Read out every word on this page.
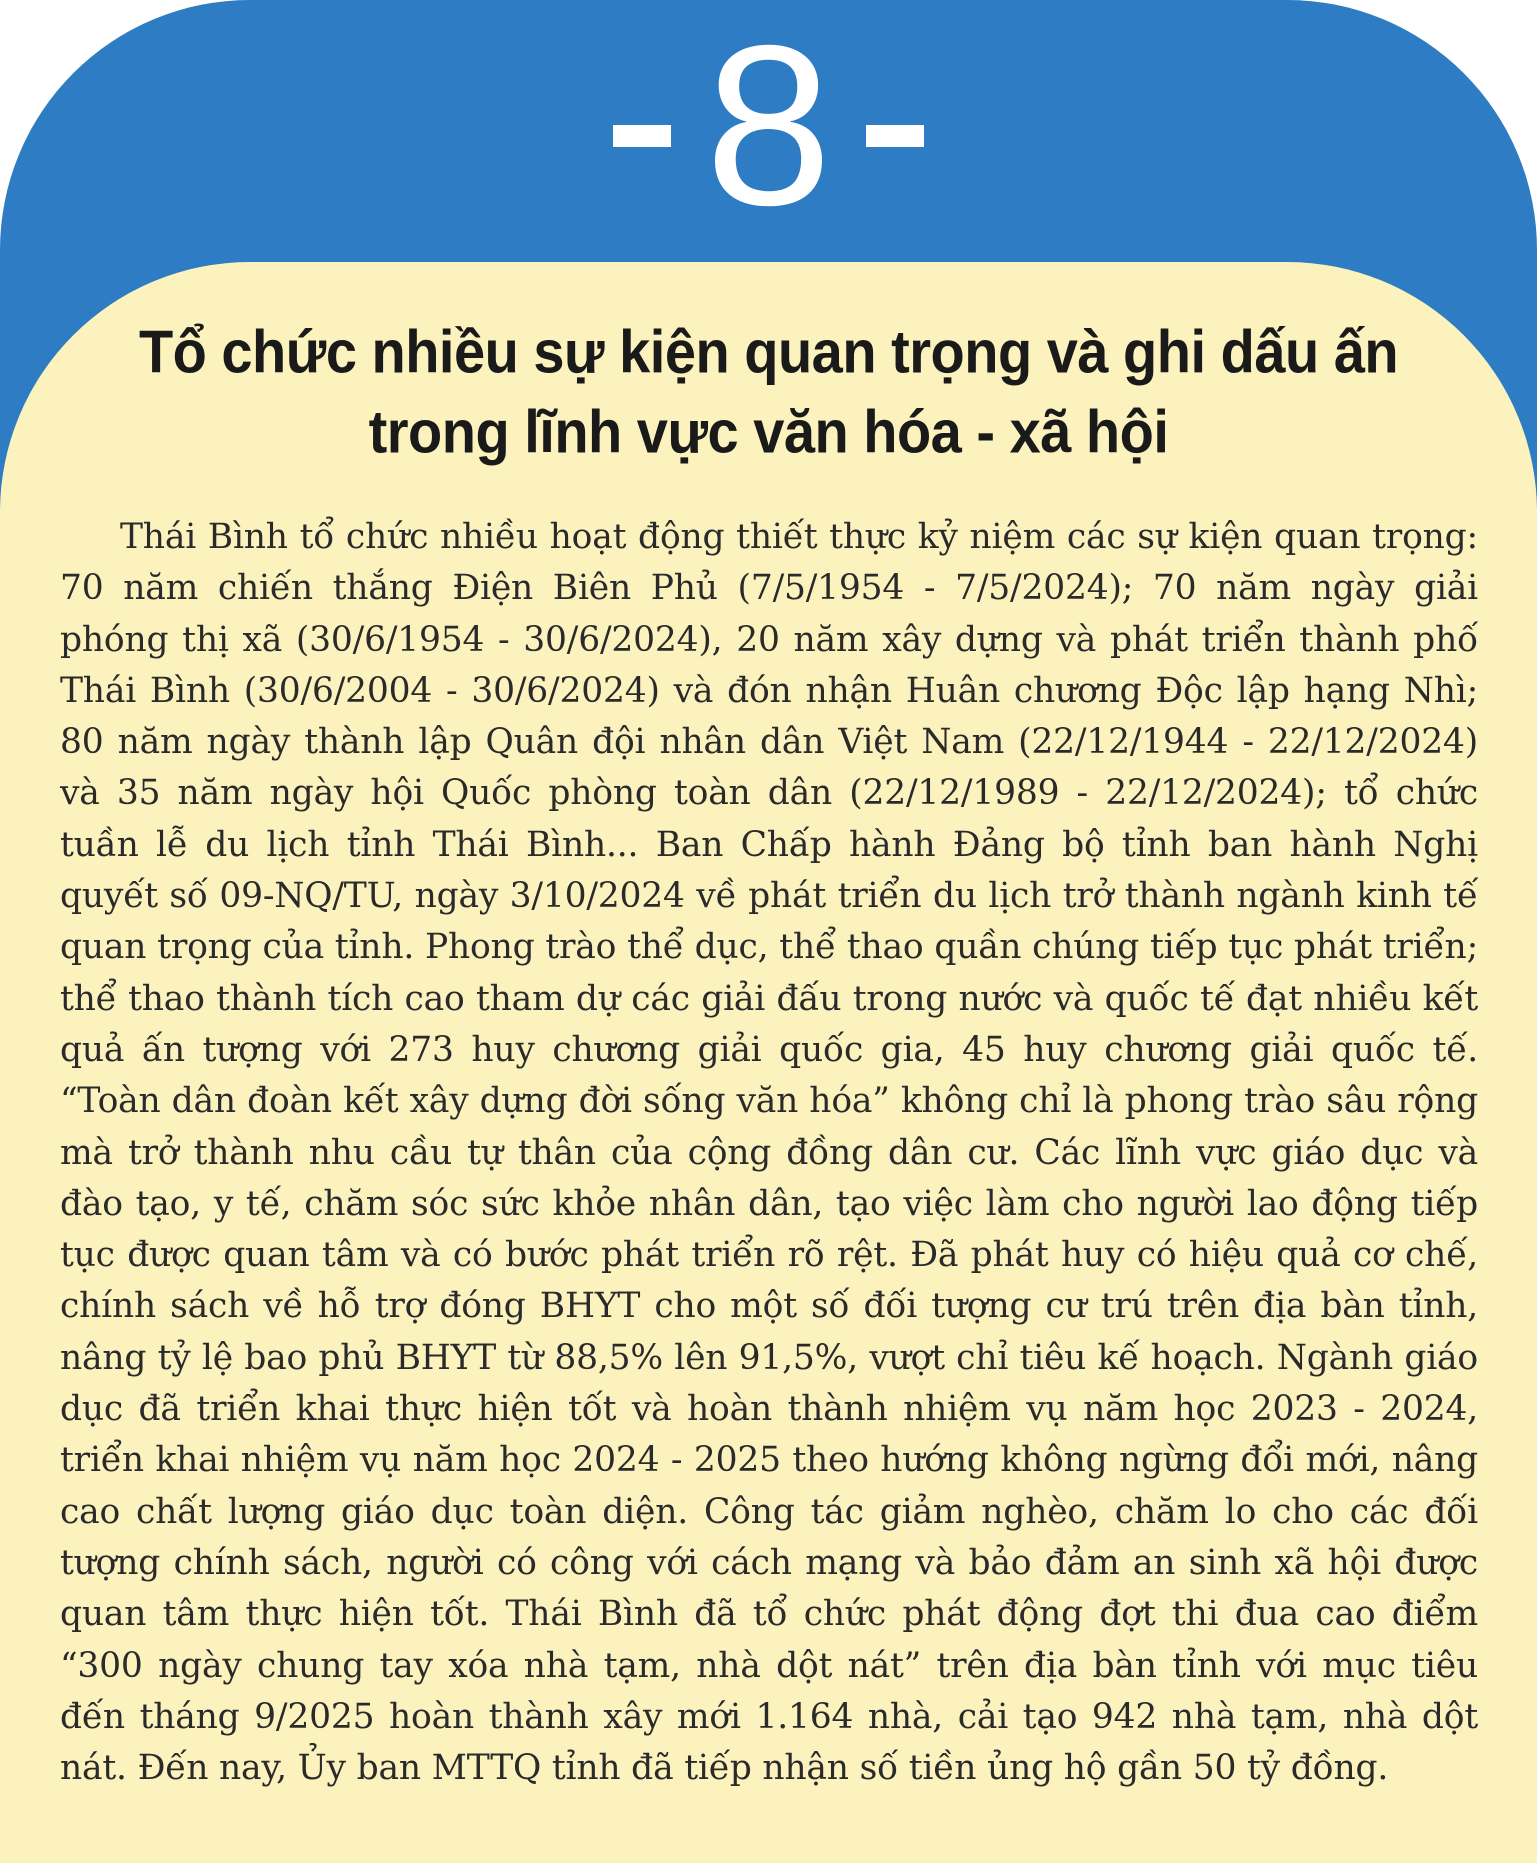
8
Tổ chức nhiều sự kiện quan trọng và ghi dấu ấn
trong lĩnh vực văn hóa - xã hội

Thái Bình tổ chức nhiều hoạt động thiết thực kỷ niệm các sự kiện quan trọng: 70 năm chiến thắng Điện Biên Phủ (7/5/1954 - 7/5/2024); 70 năm ngày giải phóng thị xã (30/6/1954 - 30/6/2024), 20 năm xây dựng và phát triển thành phố Thái Bình (30/6/2004 - 30/6/2024) và đón nhận Huân chương Độc lập hạng Nhì; 80 năm ngày thành lập Quân đội nhân dân Việt Nam (22/12/1944 - 22/12/2024) và 35 năm ngày hội Quốc phòng toàn dân (22/12/1989 - 22/12/2024); tổ chức tuần lễ du lịch tỉnh Thái Bình... Ban Chấp hành Đảng bộ tỉnh ban hành Nghị quyết số 09-NQ/TU, ngày 3/10/2024 về phát triển du lịch trở thành ngành kinh tế quan trọng của tỉnh. Phong trào thể dục, thể thao quần chúng tiếp tục phát triển; thể thao thành tích cao tham dự các giải đấu trong nước và quốc tế đạt nhiều kết quả ấn tượng với 273 huy chương giải quốc gia, 45 huy chương giải quốc tế. “Toàn dân đoàn kết xây dựng đời sống văn hóa” không chỉ là phong trào sâu rộng mà trở thành nhu cầu tự thân của cộng đồng dân cư. Các lĩnh vực giáo dục và đào tạo, y tế, chăm sóc sức khỏe nhân dân, tạo việc làm cho người lao động tiếp tục được quan tâm và có bước phát triển rõ rệt. Đã phát huy có hiệu quả cơ chế, chính sách về hỗ trợ đóng BHYT cho một số đối tượng cư trú trên địa bàn tỉnh, nâng tỷ lệ bao phủ BHYT từ 88,5% lên 91,5%, vượt chỉ tiêu kế hoạch. Ngành giáo dục đã triển khai thực hiện tốt và hoàn thành nhiệm vụ năm học 2023 - 2024, triển khai nhiệm vụ năm học 2024 - 2025 theo hướng không ngừng đổi mới, nâng cao chất lượng giáo dục toàn diện. Công tác giảm nghèo, chăm lo cho các đối tượng chính sách, người có công với cách mạng và bảo đảm an sinh xã hội được quan tâm thực hiện tốt. Thái Bình đã tổ chức phát động đợt thi đua cao điểm “300 ngày chung tay xóa nhà tạm, nhà dột nát” trên địa bàn tỉnh với mục tiêu đến tháng 9/2025 hoàn thành xây mới 1.164 nhà, cải tạo 942 nhà tạm, nhà dột nát. Đến nay, Ủy ban MTTQ tỉnh đã tiếp nhận số tiền ủng hộ gần 50 tỷ đồng.
